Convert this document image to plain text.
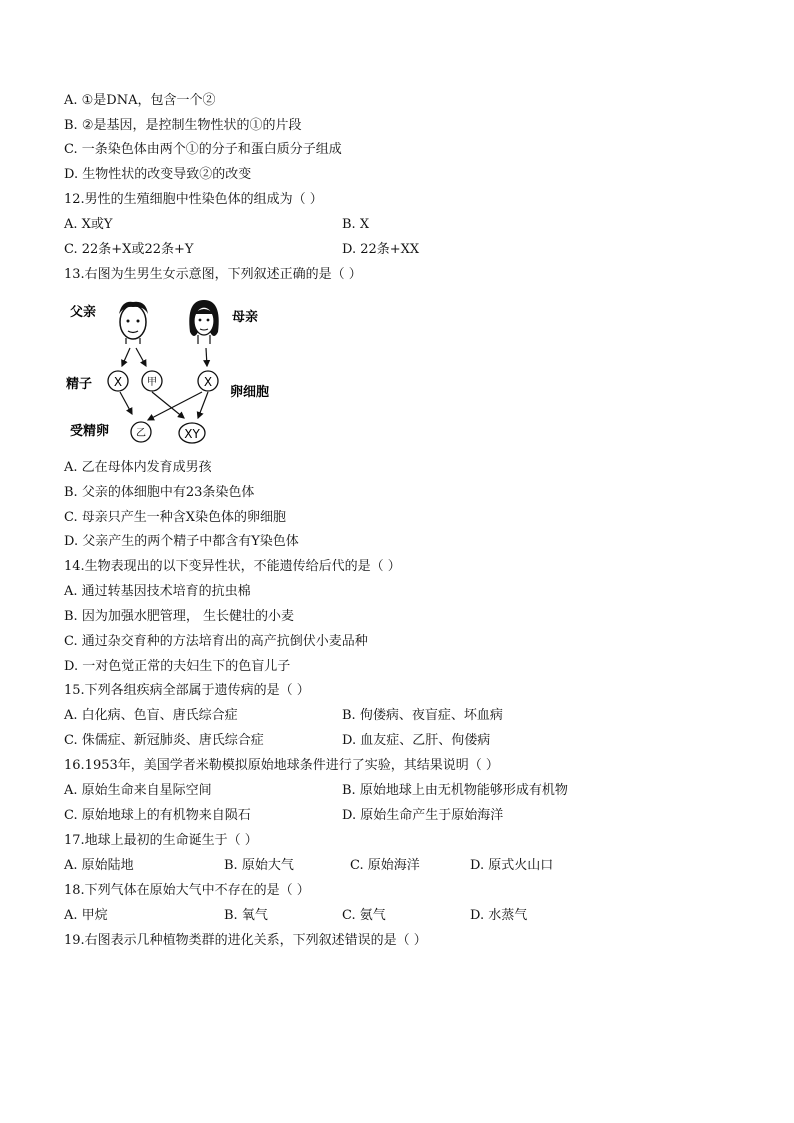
A. ①是DNA，包含一个②
B. ②是基因，是控制生物性状的①的片段
C. 一条染色体由两个①的分子和蛋白质分子组成
D. 生物性状的改变导致②的改变
12.男性的生殖细胞中性染色体的组成为（ ）
A. X或Y	B. X
C. 22条+X或22条+Y	D. 22条+XX
13.右图为生男生女示意图，下列叙述正确的是（ ）
父亲	母亲
精子 X 甲	X
卵细胞
受精卵	乙	XY
A. 乙在母体内发育成男孩
B. 父亲的体细胞中有23条染色体
C. 母亲只产生一种含X染色体的卵细胞
D. 父亲产生的两个精子中都含有Y染色体
14.生物表现出的以下变异性状，不能遗传给后代的是（ ）
A. 通过转基因技术培育的抗虫棉
B. 因为加强水肥管理， 生长健壮的小麦
C. 通过杂交育种的方法培育出的高产抗倒伏小麦品种
D. 一对色觉正常的夫妇生下的色盲儿子
15.下列各组疾病全部属于遗传病的是（ ）
A. 白化病、色盲、唐氏综合症	B. 佝偻病、夜盲症、坏血病
C. 侏儒症、新冠肺炎、唐氏综合症	D. 血友症、乙肝、佝偻病
16.1953年，美国学者米勒模拟原始地球条件进行了实验，其结果说明（ ）
A. 原始生命来自星际空间	B. 原始地球上由无机物能够形成有机物
C. 原始地球上的有机物来自陨石	D. 原始生命产生于原始海洋
17.地球上最初的生命诞生于（ ）
A. 原始陆地	B. 原始大气	C. 原始海洋	D. 原式火山口
18.下列气体在原始大气中不存在的是（ ）
A. 甲烷	B. 氧气	C. 氨气	D. 水蒸气
19.右图表示几种植物类群的进化关系，下列叙述错误的是（ ）
